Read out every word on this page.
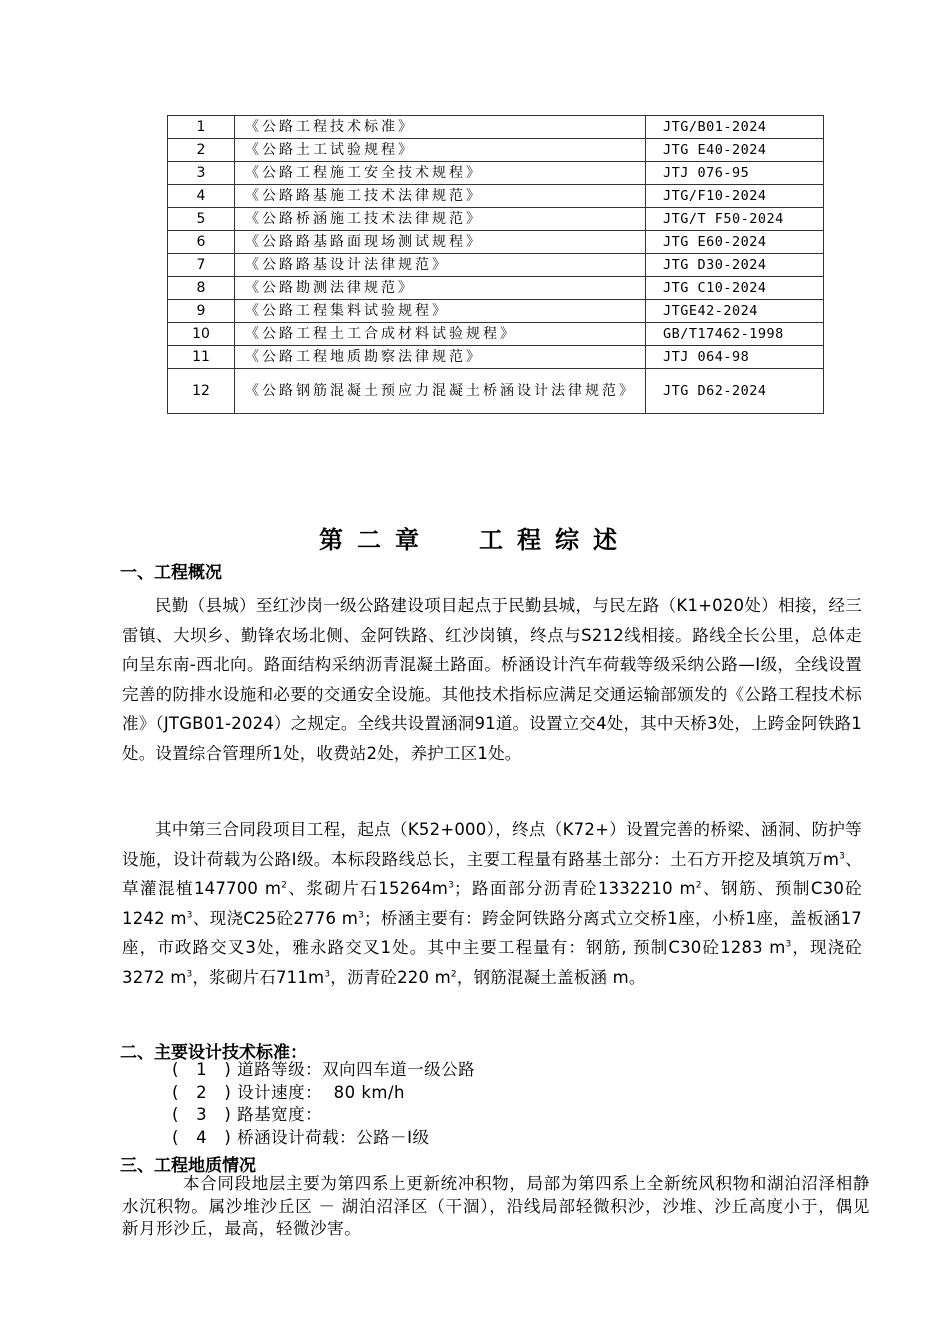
1	《公路工程技术标准》	JTG/B01-2024
2	《公路土工试验规程》	JTG E40-2024
3	《公路工程施工安全技术规程》	JTJ 076-95
4	《公路路基施工技术法律规范》	JTG/F10-2024
5	《公路桥涵施工技术法律规范》	JTG/T F50-2024
6	《公路路基路面现场测试规程》	JTG E60-2024
7	《公路路基设计法律规范》	JTG D30-2024
8	《公路勘测法律规范》	JTG C10-2024
9	《公路工程集料试验规程》	JTGE42-2024
10	《公路工程土工合成材料试验规程》	GB/T17462-1998
11	《公路工程地质勘察法律规范》	JTJ 064-98
12	《公路钢筋混凝土预应力混凝土桥涵设计法律规范》	JTG D62-2024
第二章 工程综述
一、工程概况

民勤（县城）至红沙岗一级公路建设项目起点于民勤县城，与民左路（K1+020处）相接，经三雷镇、大坝乡、勤锋农场北侧、金阿铁路、红沙岗镇，终点与S212线相接。路线全长公里，总体走向呈东南-西北向。路面结构采纳沥青混凝土路面。桥涵设计汽车荷载等级采纳公路—Ⅰ级，全线设置完善的防排水设施和必要的交通安全设施。其他技术指标应满足交通运输部颁发的《公路工程技术标准》（JTGB01-2024）之规定。全线共设置涵洞91道。设置立交4处，其中天桥3处，上跨金阿铁路1处。设置综合管理所1处，收费站2处，养护工区1处。

其中第三合同段项目工程，起点（K52+000），终点（K72+）设置完善的桥梁、涵洞、防护等设施，设计荷载为公路Ⅰ级。本标段路线总长，主要工程量有路基土部分：土石方开挖及填筑万$m^3$、草灌混植147700 $m^2$、浆砌片石$15264m^3$；路面部分沥青砼1332210 $m^2$、钢筋、预制C30砼1242 $m^3$、现浇C25砼2776 $m^3$；桥涵主要有：跨金阿铁路分离式立交桥1座，小桥1座，盖板涵17座，市政路交叉3处，雅永路交叉1处。其中主要工程量有：钢筋, 预制C30砼1283 $m^3$，现浇砼3272 $m^3$，浆砌片石$711m^3$，沥青砼220 $m^2$，钢筋混凝土盖板涵 m。

二、主要设计技术标准：
(   1   ) 道路等级：双向四车道一级公路
(   2   ) 设计速度：  80 km/h
(   3   ) 路基宽度：
(   4   ) 桥涵设计荷载：公路－Ⅰ级
三、工程地质情况

本合同段地层主要为第四系上更新统冲积物，局部为第四系上全新统风积物和湖泊沼泽相静水沉积物。属沙堆沙丘区 － 湖泊沼泽区（干涸），沿线局部轻微积沙，沙堆、沙丘高度小于，偶见新月形沙丘，最高，轻微沙害。
